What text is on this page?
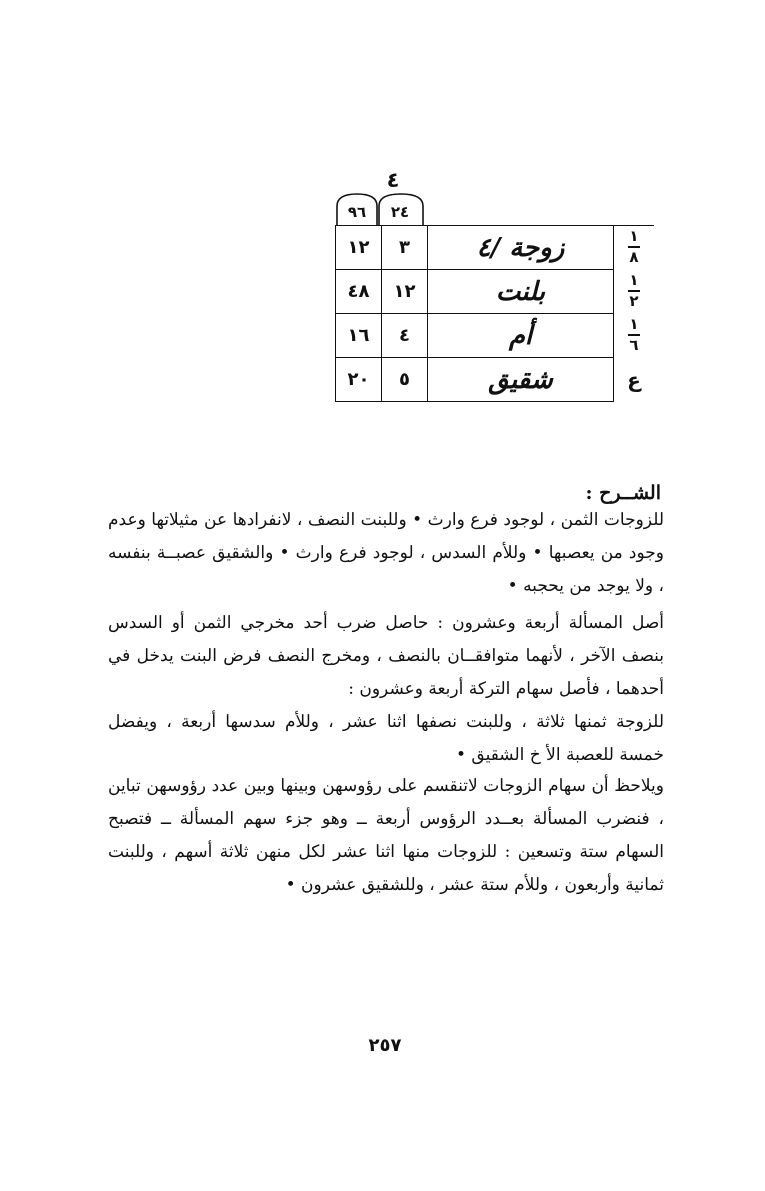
٤
٩٦	٢٤
$\frac{١}{٨}$	زوجة /٤	٣	١٢

$\frac{١}{٢}$	بلنت	١٢	٤٨

$\frac{١}{٦}$	أم	٤	١٦
ع	شقيق	٥	٢٠
الشــرح :

للزوجات الثمن ، لوجود فرع وارث • وللبنت النصف ، لانفرادها عن مثيلاتها وعدم وجود من يعصبها • وللأم السدس ، لوجود فرع وارث • والشقيق عصبــة بنفسه ، ولا يوجد من يحجبه •

أصل المسألة أربعة وعشرون : حاصل ضرب أحد مخرجي الثمن أو السدس بنصف الآخر ، لأنهما متوافقــان بالنصف ، ومخرج النصف فرض البنت يدخل في أحدهما ، فأصل سهام التركة أربعة وعشرون :

للزوجة ثمنها ثلاثة ، وللبنت نصفها اثنا عشر ، وللأم سدسها أربعة ، ويفضل خمسة للعصبة الأ خ الشقيق •

ويلاحظ أن سهام الزوجات لاتنقسم على رؤوسهن وبينها وبين عدد رؤوسهن تباين ، فنضرب المسألة بعــدد الرؤوس أربعة ــ وهو جزء سهم المسألة ــ فتصبح السهام ستة وتسعين : للزوجات منها اثنا عشر لكل منهن ثلاثة أسهم ، وللبنت ثمانية وأربعون ، وللأم ستة عشر ، وللشقيق عشرون •

٢٥٧
